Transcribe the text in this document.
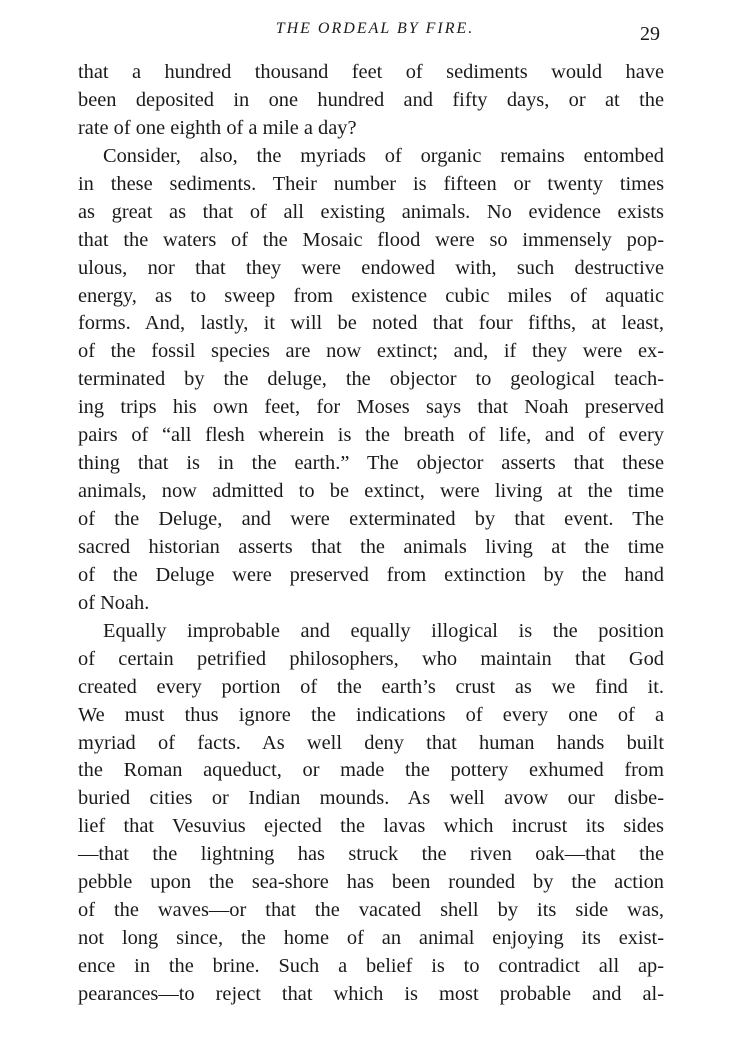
THE ORDEAL BY FIRE.	29
that a hundred thousand feet of sediments would have
been deposited in one hundred and fifty days, or at the
rate of one eighth of a mile a day?
Consider, also, the myriads of organic remains entombed
in these sediments. Their number is fifteen or twenty times
as great as that of all existing animals. No evidence exists
that the waters of the Mosaic flood were so immensely pop-
ulous, nor that they were endowed with, such destructive
energy, as to sweep from existence cubic miles of aquatic
forms. And, lastly, it will be noted that four fifths, at least,
of the fossil species are now extinct; and, if they were ex-
terminated by the deluge, the objector to geological teach-
ing trips his own feet, for Moses says that Noah preserved
pairs of “all flesh wherein is the breath of life, and of every
thing that is in the earth.” The objector asserts that these
animals, now admitted to be extinct, were living at the time
of the Deluge, and were exterminated by that event. The
sacred historian asserts that the animals living at the time
of the Deluge were preserved from extinction by the hand
of Noah.
Equally improbable and equally illogical is the position
of certain petrified philosophers, who maintain that God
created every portion of the earth’s crust as we find it.
We must thus ignore the indications of every one of a
myriad of facts. As well deny that human hands built
the Roman aqueduct, or made the pottery exhumed from
buried cities or Indian mounds. As well avow our disbe-
lief that Vesuvius ejected the lavas which incrust its sides
—that the lightning has struck the riven oak—that the
pebble upon the sea-shore has been rounded by the action
of the waves—or that the vacated shell by its side was,
not long since, the home of an animal enjoying its exist-
ence in the brine. Such a belief is to contradict all ap-
pearances—to reject that which is most probable and al-
